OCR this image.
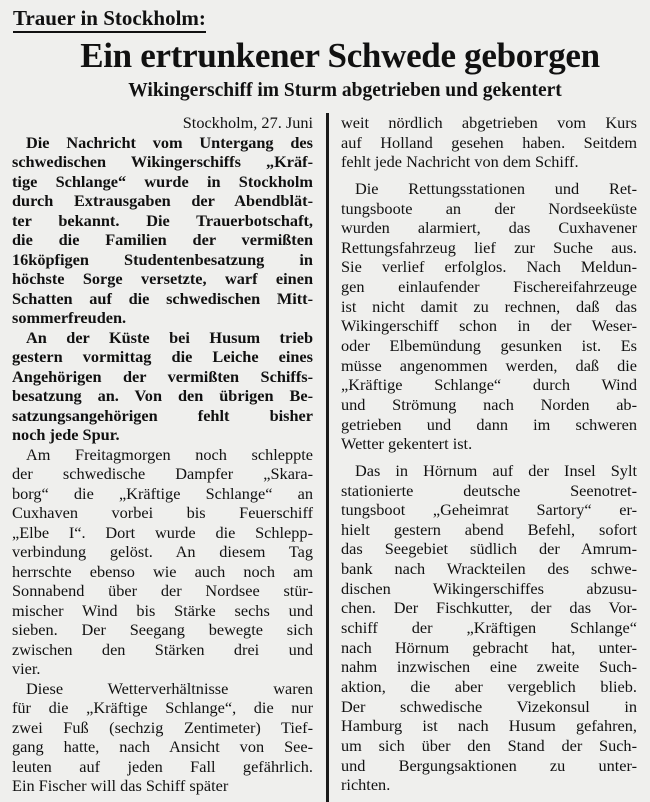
Trauer in Stockholm:
Ein ertrunkener Schwede geborgen
Wikingerschiff im Sturm abgetrieben und gekentert
Stockholm, 27. Juni
Die Nachricht vom Untergang des
schwedischen Wikingerschiffs „Kräf-
tige Schlange“ wurde in Stockholm
durch Extrausgaben der Abendblät-
ter bekannt. Die Trauerbotschaft,
die die Familien der vermißten
16köpfigen Studentenbesatzung in
höchste Sorge versetzte, warf einen
Schatten auf die schwedischen Mitt-
sommerfreuden.
An der Küste bei Husum trieb
gestern vormittag die Leiche eines
Angehörigen der vermißten Schiffs-
besatzung an. Von den übrigen Be-
satzungsangehörigen fehlt bisher
noch jede Spur.
Am Freitagmorgen noch schleppte
der schwedische Dampfer „Skara-
borg“ die „Kräftige Schlange“ an
Cuxhaven vorbei bis Feuerschiff
„Elbe I“. Dort wurde die Schlepp-
verbindung gelöst. An diesem Tag
herrschte ebenso wie auch noch am
Sonnabend über der Nordsee stür-
mischer Wind bis Stärke sechs und
sieben. Der Seegang bewegte sich
zwischen den Stärken drei und
vier.
Diese Wetterverhältnisse waren
für die „Kräftige Schlange“, die nur
zwei Fuß (sechzig Zentimeter) Tief-
gang hatte, nach Ansicht von See-
leuten auf jeden Fall gefährlich.
Ein Fischer will das Schiff später
weit nördlich abgetrieben vom Kurs
auf Holland gesehen haben. Seitdem
fehlt jede Nachricht von dem Schiff.
Die Rettungsstationen und Ret-
tungsboote an der Nordseeküste
wurden alarmiert, das Cuxhavener
Rettungsfahrzeug lief zur Suche aus.
Sie verlief erfolglos. Nach Meldun-
gen einlaufender Fischereifahrzeuge
ist nicht damit zu rechnen, daß das
Wikingerschiff schon in der Weser-
oder Elbemündung gesunken ist. Es
müsse angenommen werden, daß die
„Kräftige Schlange“ durch Wind
und Strömung nach Norden ab-
getrieben und dann im schweren
Wetter gekentert ist.
Das in Hörnum auf der Insel Sylt
stationierte deutsche Seenotret-
tungsboot „Geheimrat Sartory“ er-
hielt gestern abend Befehl, sofort
das Seegebiet südlich der Amrum-
bank nach Wrackteilen des schwe-
dischen Wikingerschiffes abzusu-
chen. Der Fischkutter, der das Vor-
schiff der „Kräftigen Schlange“
nach Hörnum gebracht hat, unter-
nahm inzwischen eine zweite Such-
aktion, die aber vergeblich blieb.
Der schwedische Vizekonsul in
Hamburg ist nach Husum gefahren,
um sich über den Stand der Such-
und Bergungsaktionen zu unter-
richten.
